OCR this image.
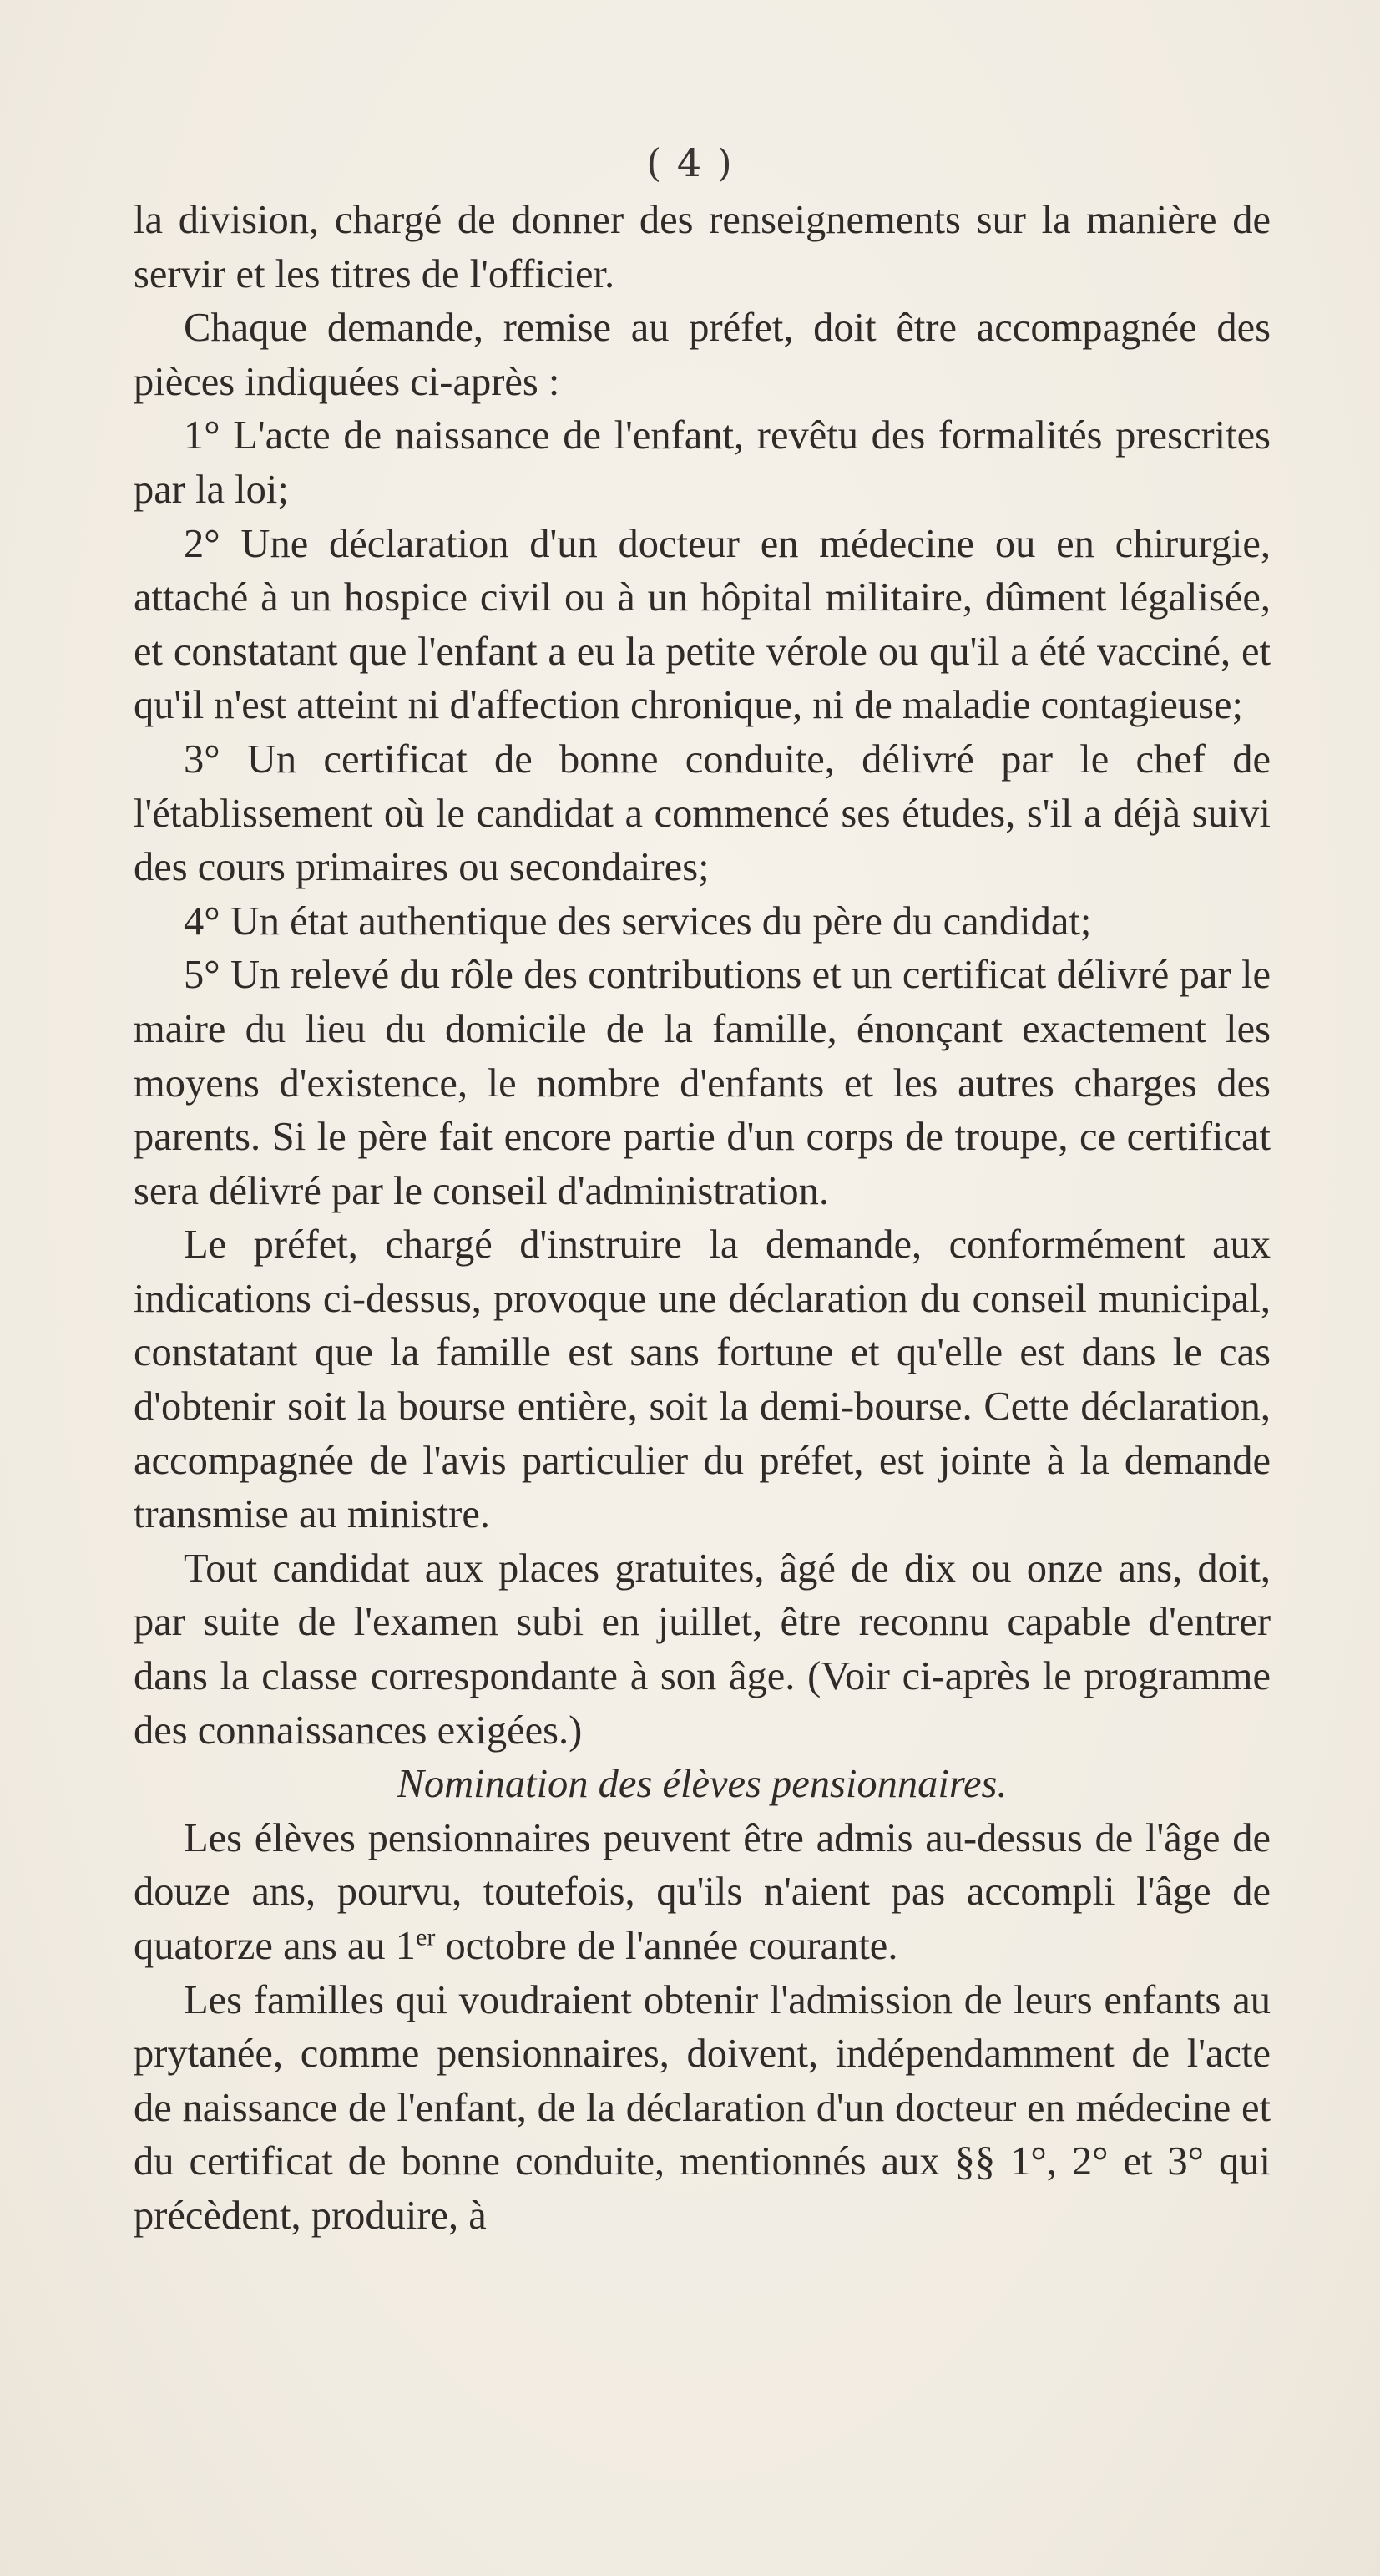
( 4 )

la division, chargé de donner des renseignements sur la manière de servir et les titres de l'officier.

Chaque demande, remise au préfet, doit être accompagnée des pièces indiquées ci-après :

1° L'acte de naissance de l'enfant, revêtu des formalités prescrites par la loi;

2° Une déclaration d'un docteur en médecine ou en chirurgie, attaché à un hospice civil ou à un hôpital militaire, dûment légalisée, et constatant que l'enfant a eu la petite vérole ou qu'il a été vacciné, et qu'il n'est atteint ni d'affection chronique, ni de maladie contagieuse;

3° Un certificat de bonne conduite, délivré par le chef de l'établissement où le candidat a commencé ses études, s'il a déjà suivi des cours primaires ou secondaires;

4° Un état authentique des services du père du candidat;

5° Un relevé du rôle des contributions et un certificat délivré par le maire du lieu du domicile de la famille, énonçant exactement les moyens d'existence, le nombre d'enfants et les autres charges des parents. Si le père fait encore partie d'un corps de troupe, ce certificat sera délivré par le conseil d'administration.

Le préfet, chargé d'instruire la demande, conformément aux indications ci-dessus, provoque une déclaration du conseil municipal, constatant que la famille est sans fortune et qu'elle est dans le cas d'obtenir soit la bourse entière, soit la demi-bourse. Cette déclaration, accompagnée de l'avis particulier du préfet, est jointe à la demande transmise au ministre.

Tout candidat aux places gratuites, âgé de dix ou onze ans, doit, par suite de l'examen subi en juillet, être reconnu capable d'entrer dans la classe correspondante à son âge. (Voir ci-après le programme des connaissances exigées.)

Nomination des élèves pensionnaires.

Les élèves pensionnaires peuvent être admis au-dessus de l'âge de douze ans, pourvu, toutefois, qu'ils n'aient pas accompli l'âge de quatorze ans au 1er octobre de l'année courante.

Les familles qui voudraient obtenir l'admission de leurs enfants au prytanée, comme pensionnaires, doivent, indépendamment de l'acte de naissance de l'enfant, de la déclaration d'un docteur en médecine et du certificat de bonne conduite, mentionnés aux §§ 1°, 2° et 3° qui précèdent, produire, à
